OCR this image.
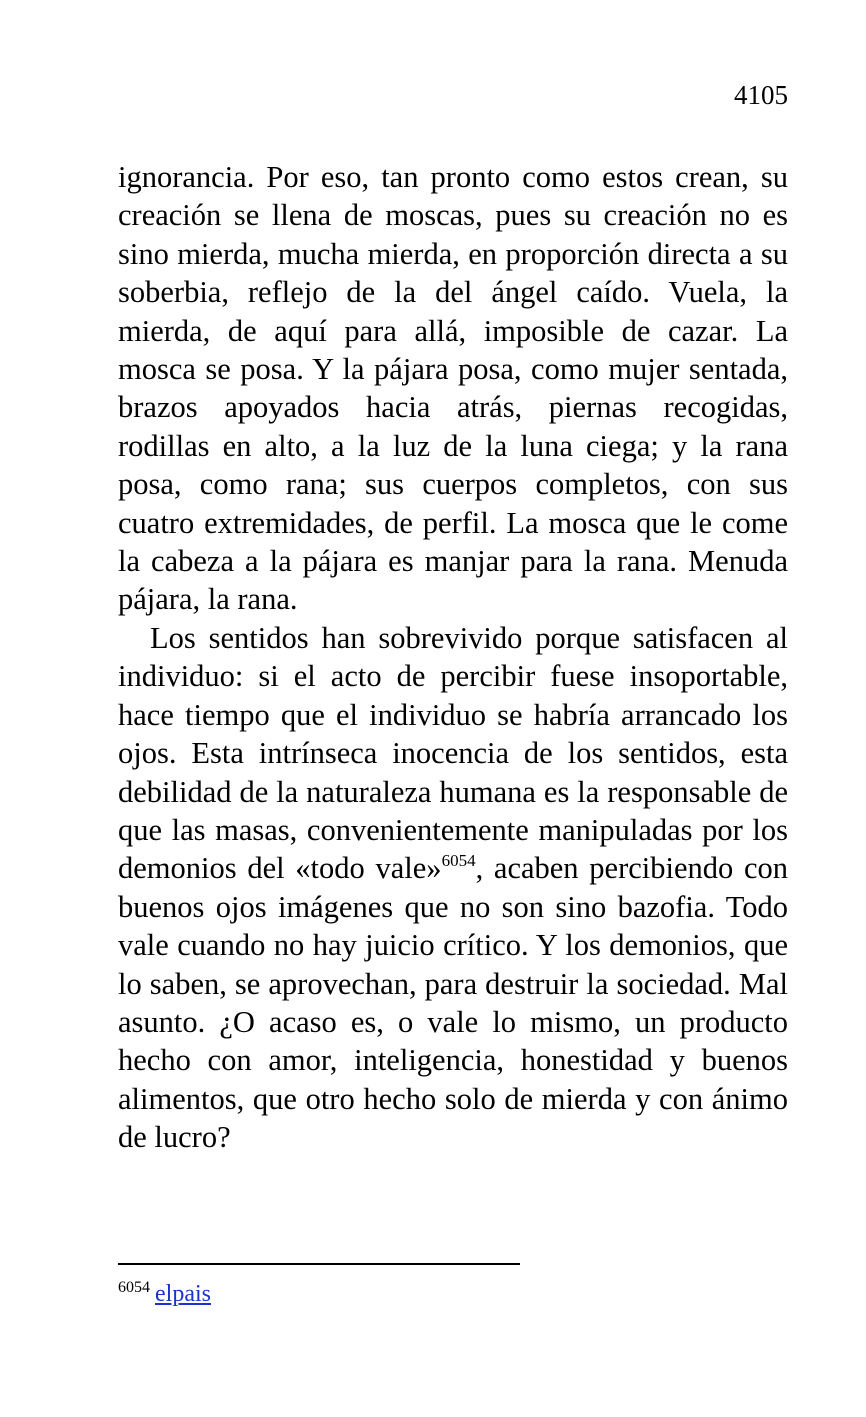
4105

ignorancia. Por eso, tan pronto como estos crean, su creación se llena de moscas, pues su creación no es sino mierda, mucha mierda, en proporción directa a su soberbia, reflejo de la del ángel caído. Vuela, la mierda, de aquí para allá, imposible de cazar. La mosca se posa. Y la pájara posa, como mujer sentada, brazos apoyados hacia atrás, piernas recogidas, rodillas en alto, a la luz de la luna ciega; y la rana posa, como rana; sus cuerpos completos, con sus cuatro extremidades, de perfil. La mosca que le come la cabeza a la pájara es manjar para la rana. Menuda pájara, la rana.

Los sentidos han sobrevivido porque satisfacen al individuo: si el acto de percibir fuese insoportable, hace tiempo que el individuo se habría arrancado los ojos. Esta intrínseca inocencia de los sentidos, esta debilidad de la naturaleza humana es la responsable de que las masas, convenientemente manipuladas por los demonios del «todo vale»$^{6054}$, acaben percibiendo con buenos ojos imágenes que no son sino bazofia. Todo vale cuando no hay juicio crítico. Y los demonios, que lo saben, se aprovechan, para destruir la sociedad. Mal asunto. ¿O acaso es, o vale lo mismo, un producto hecho con amor, inteligencia, honestidad y buenos alimentos, que otro hecho solo de mierda y con ánimo de lucro?

$^{6054}$ elpais
